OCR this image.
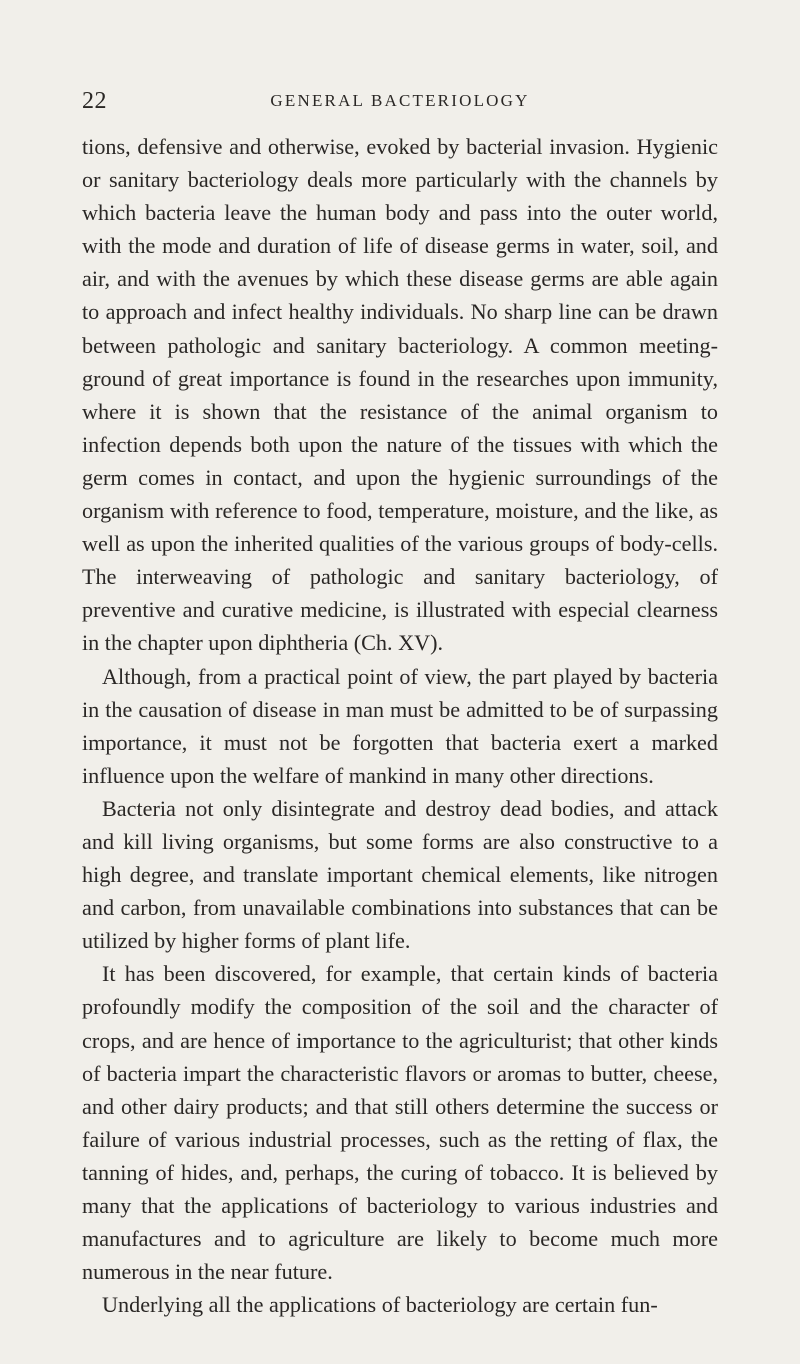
22	GENERAL BACTERIOLOGY

tions, defensive and otherwise, evoked by bacterial invasion. Hygienic or sanitary bacteriology deals more particularly with the channels by which bacteria leave the human body and pass into the outer world, with the mode and duration of life of disease germs in water, soil, and air, and with the avenues by which these disease germs are able again to approach and infect healthy individuals. No sharp line can be drawn between pathologic and sanitary bacteriology. A common meeting-ground of great importance is found in the researches upon immunity, where it is shown that the resistance of the animal organism to infection depends both upon the nature of the tissues with which the germ comes in contact, and upon the hygienic surroundings of the organism with reference to food, temperature, moisture, and the like, as well as upon the inherited qualities of the various groups of body-cells. The interweaving of pathologic and sanitary bacteriology, of preventive and curative medicine, is illustrated with especial clearness in the chapter upon diphtheria (Ch. XV).

Although, from a practical point of view, the part played by bacteria in the causation of disease in man must be admitted to be of surpassing importance, it must not be forgotten that bacteria exert a marked influence upon the welfare of mankind in many other directions.

Bacteria not only disintegrate and destroy dead bodies, and attack and kill living organisms, but some forms are also constructive to a high degree, and translate important chemical elements, like nitrogen and carbon, from unavailable combinations into substances that can be utilized by higher forms of plant life.

It has been discovered, for example, that certain kinds of bacteria profoundly modify the composition of the soil and the character of crops, and are hence of importance to the agriculturist; that other kinds of bacteria impart the characteristic flavors or aromas to butter, cheese, and other dairy products; and that still others determine the success or failure of various industrial processes, such as the retting of flax, the tanning of hides, and, perhaps, the curing of tobacco. It is believed by many that the applications of bacteriology to various industries and manufactures and to agriculture are likely to become much more numerous in the near future.

Underlying all the applications of bacteriology are certain fun-
